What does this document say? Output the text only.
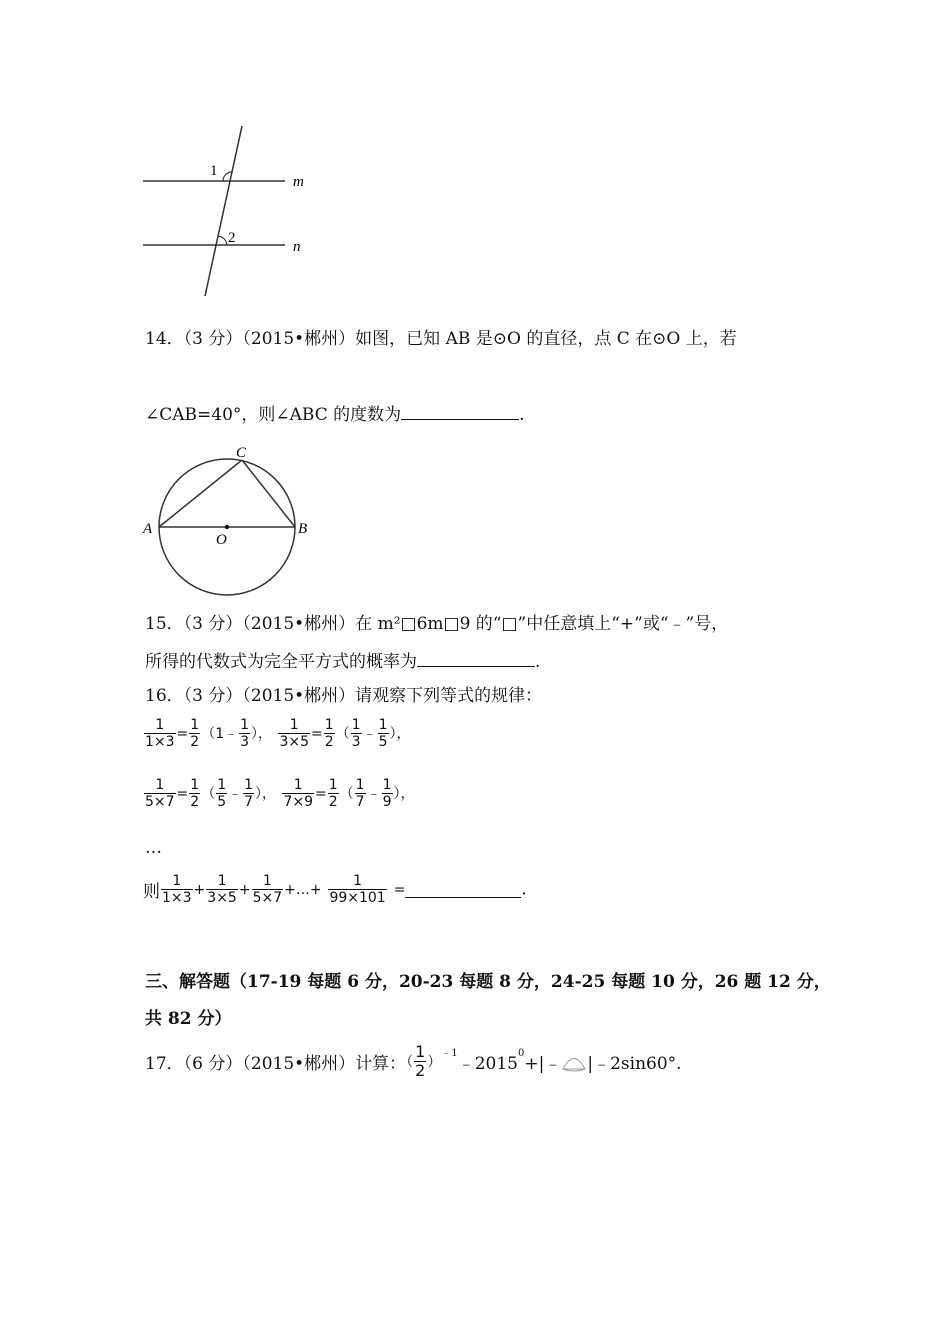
1
2
m
n
14．（3 分）（2015•郴州）如图，已知 AB 是⊙O 的直径，点 C 在⊙O 上，若
∠CAB=40°，则∠ABC 的度数为	.
A	B
C
O
15．（3 分）（2015•郴州）在 m²□6m□9 的“□”中任意填上“+”或“﹣”号，
所得的代数式为完全平方式的概率为	.
16．（3 分）（2015•郴州）请观察下列等式的规律：
$\frac{1}{1\times 3} = \frac{1}{2}$ （1﹣ $\frac{1}{3}$ ）， $\frac{1}{3\times 5} = \frac{1}{2}$ （ $\frac{1}{3}$ ﹣ $\frac{1}{5}$ ），
$\frac{1}{5\times 7} = \frac{1}{2}$ （ $\frac{1}{5}$ ﹣ $\frac{1}{7}$ ）， $\frac{1}{7\times 9} = \frac{1}{2}$ （ $\frac{1}{7}$ ﹣ $\frac{1}{9}$ ），
…
则 $\frac{1}{1\times 3} + \frac{1}{3\times 5} + \frac{1}{5\times 7}$ +…+ $\frac{1}{99\times 101}$ =	.
三、解答题（17-19 每题 6 分，20-23 每题 8 分，24-25 每题 10 分，26 题 12 分，
共 82 分）
17．（6 分）（2015•郴州）计算：（ $\frac{1}{2}$ ）$^{﹣1}﹣2015^0+|﹣$ |﹣2sin60°.
